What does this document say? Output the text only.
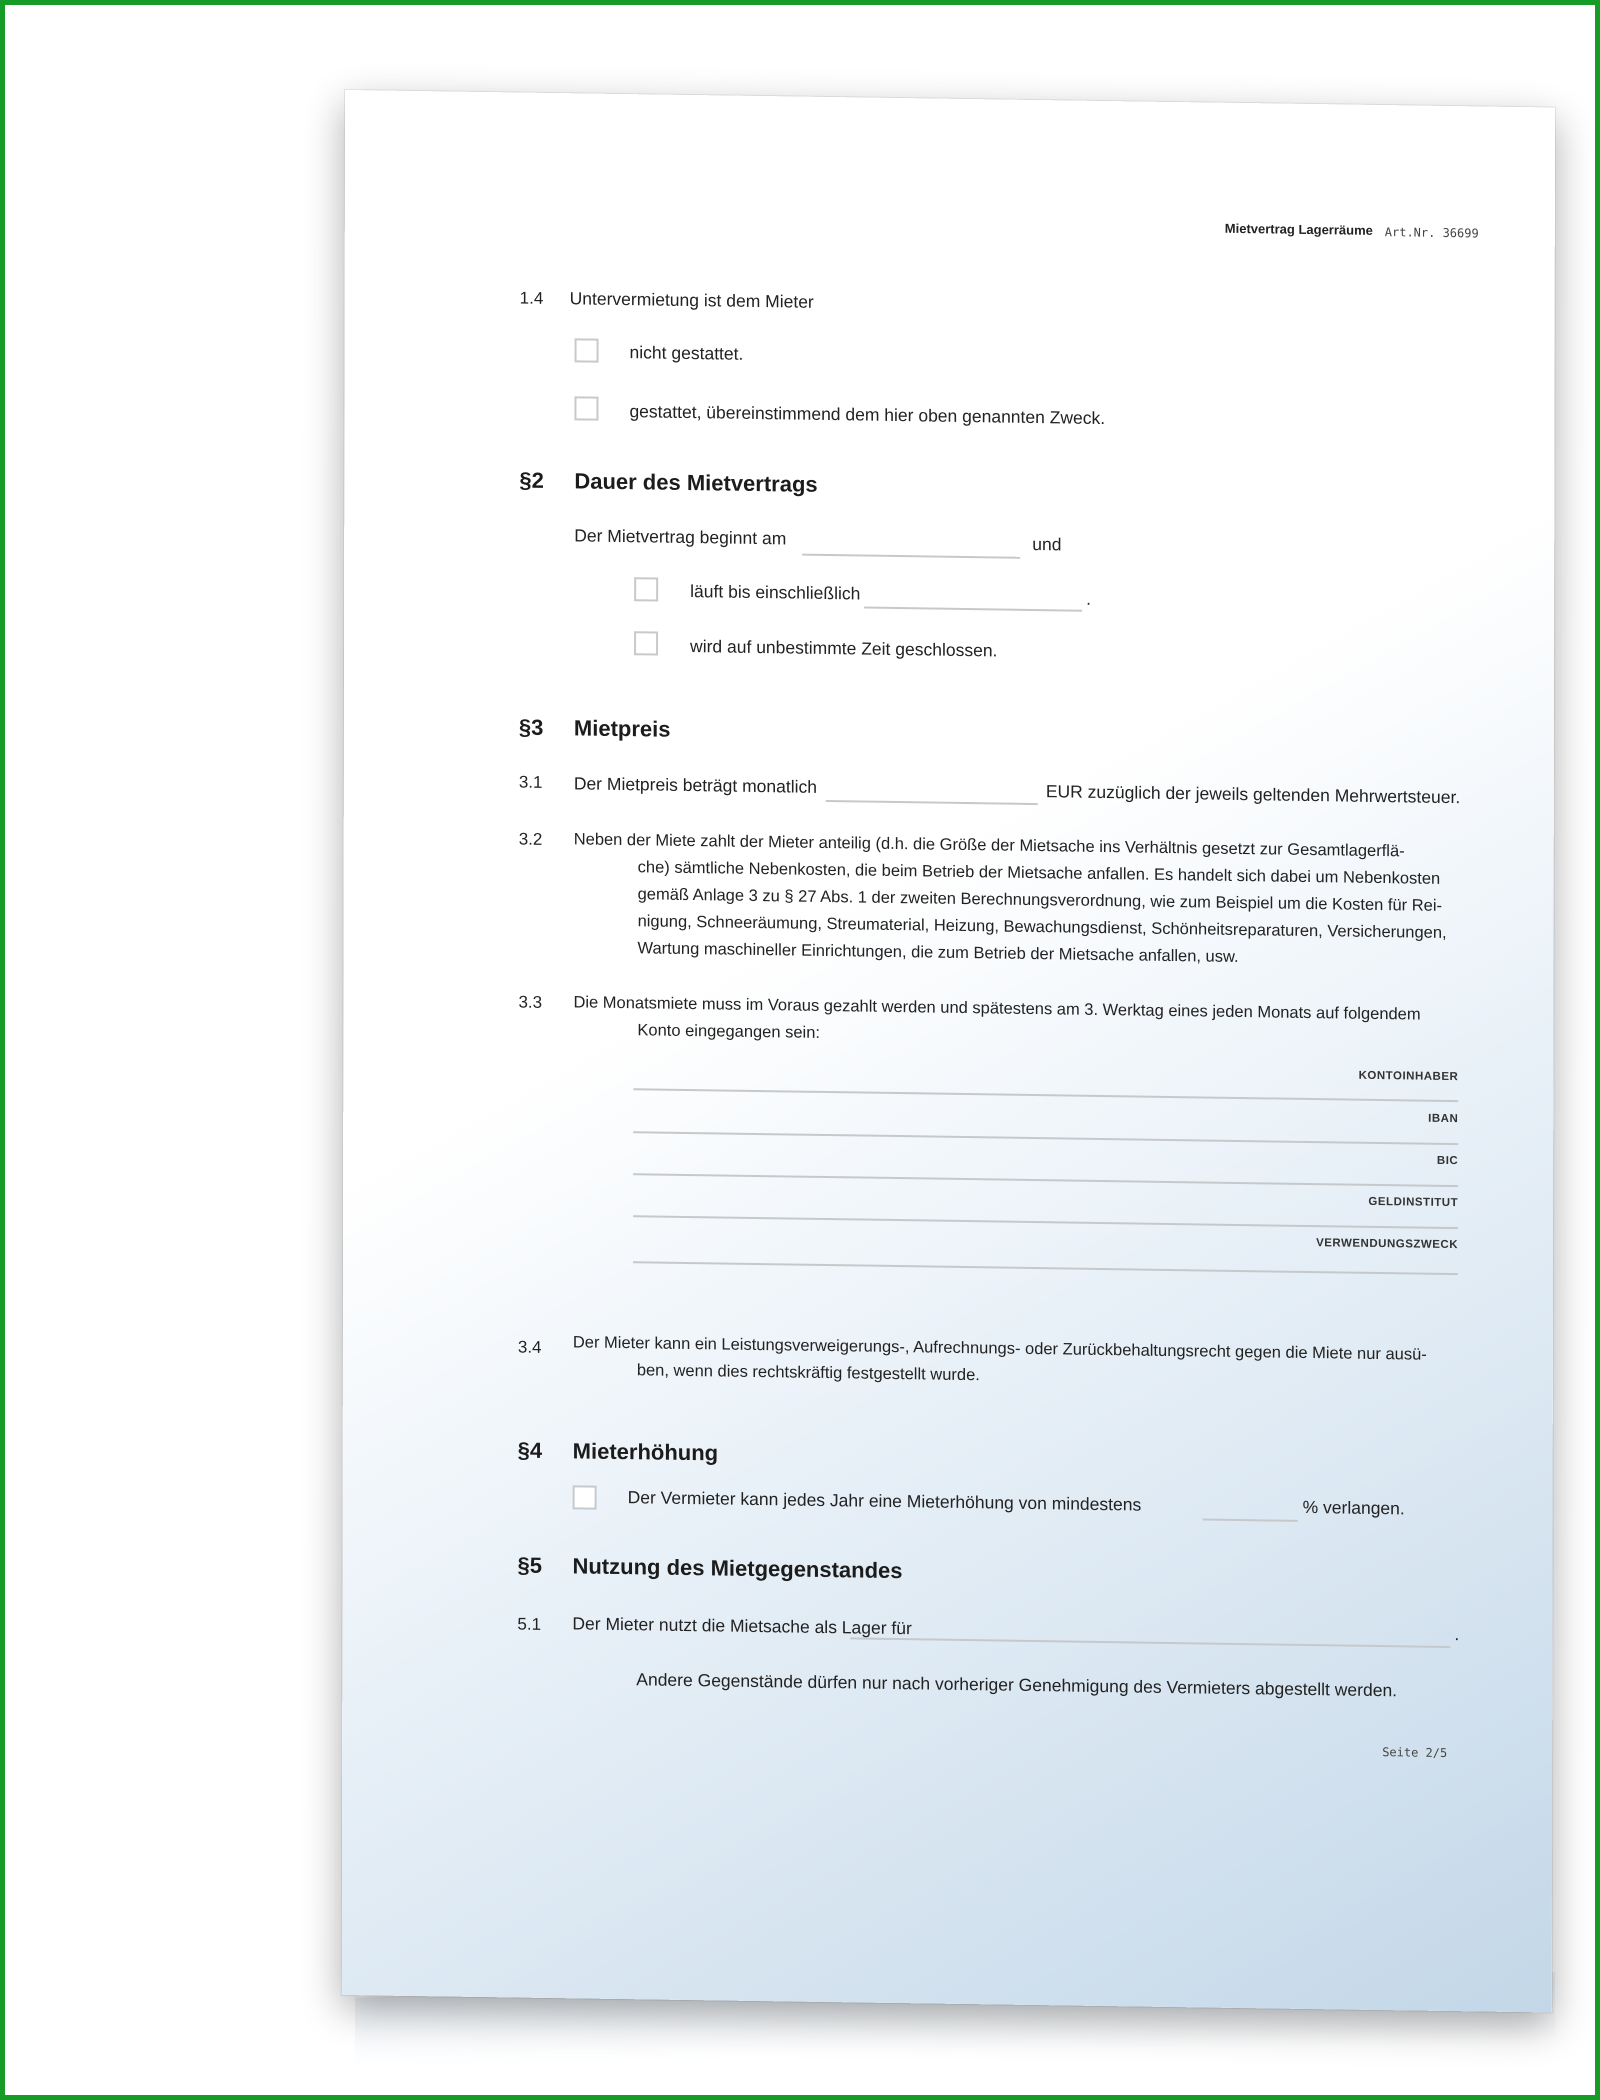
Mietvertrag Lagerräume Art.Nr. 36699
1.4 Untervermietung ist dem Mieter
nicht gestattet.
gestattet, übereinstimmend dem hier oben genannten Zweck.
§2 Dauer des Mietvertrags
Der Mietvertrag beginnt am	und
läuft bis einschließlich	.
wird auf unbestimmte Zeit geschlossen.
§3 Mietpreis
3.1 Der Mietpreis beträgt monatlich	EUR zuzüglich der jeweils geltenden Mehrwertsteuer.
3.2 Neben der Miete zahlt der Mieter anteilig (d.h. die Größe der Mietsache ins Verhältnis gesetzt zur Gesamtlagerflä-
che) sämtliche Nebenkosten, die beim Betrieb der Mietsache anfallen. Es handelt sich dabei um Nebenkosten
gemäß Anlage 3 zu § 27 Abs. 1 der zweiten Berechnungsverordnung, wie zum Beispiel um die Kosten für Rei-
nigung, Schneeräumung, Streumaterial, Heizung, Bewachungsdienst, Schönheitsreparaturen, Versicherungen,
Wartung maschineller Einrichtungen, die zum Betrieb der Mietsache anfallen, usw.
3.3 Die Monatsmiete muss im Voraus gezahlt werden und spätestens am 3. Werktag eines jeden Monats auf folgendem
Konto eingegangen sein:
KONTOINHABER
IBAN
BIC
GELDINSTITUT
VERWENDUNGSZWECK
3.4 Der Mieter kann ein Leistungsverweigerungs-, Aufrechnungs- oder Zurückbehaltungsrecht gegen die Miete nur ausü-
ben, wenn dies rechtskräftig festgestellt wurde.
§4 Mieterhöhung
Der Vermieter kann jedes Jahr eine Mieterhöhung von mindestens	% verlangen.
§5 Nutzung des Mietgegenstandes
5.1 Der Mieter nutzt die Mietsache als Lager für	.
Andere Gegenstände dürfen nur nach vorheriger Genehmigung des Vermieters abgestellt werden.
Seite 2/5
